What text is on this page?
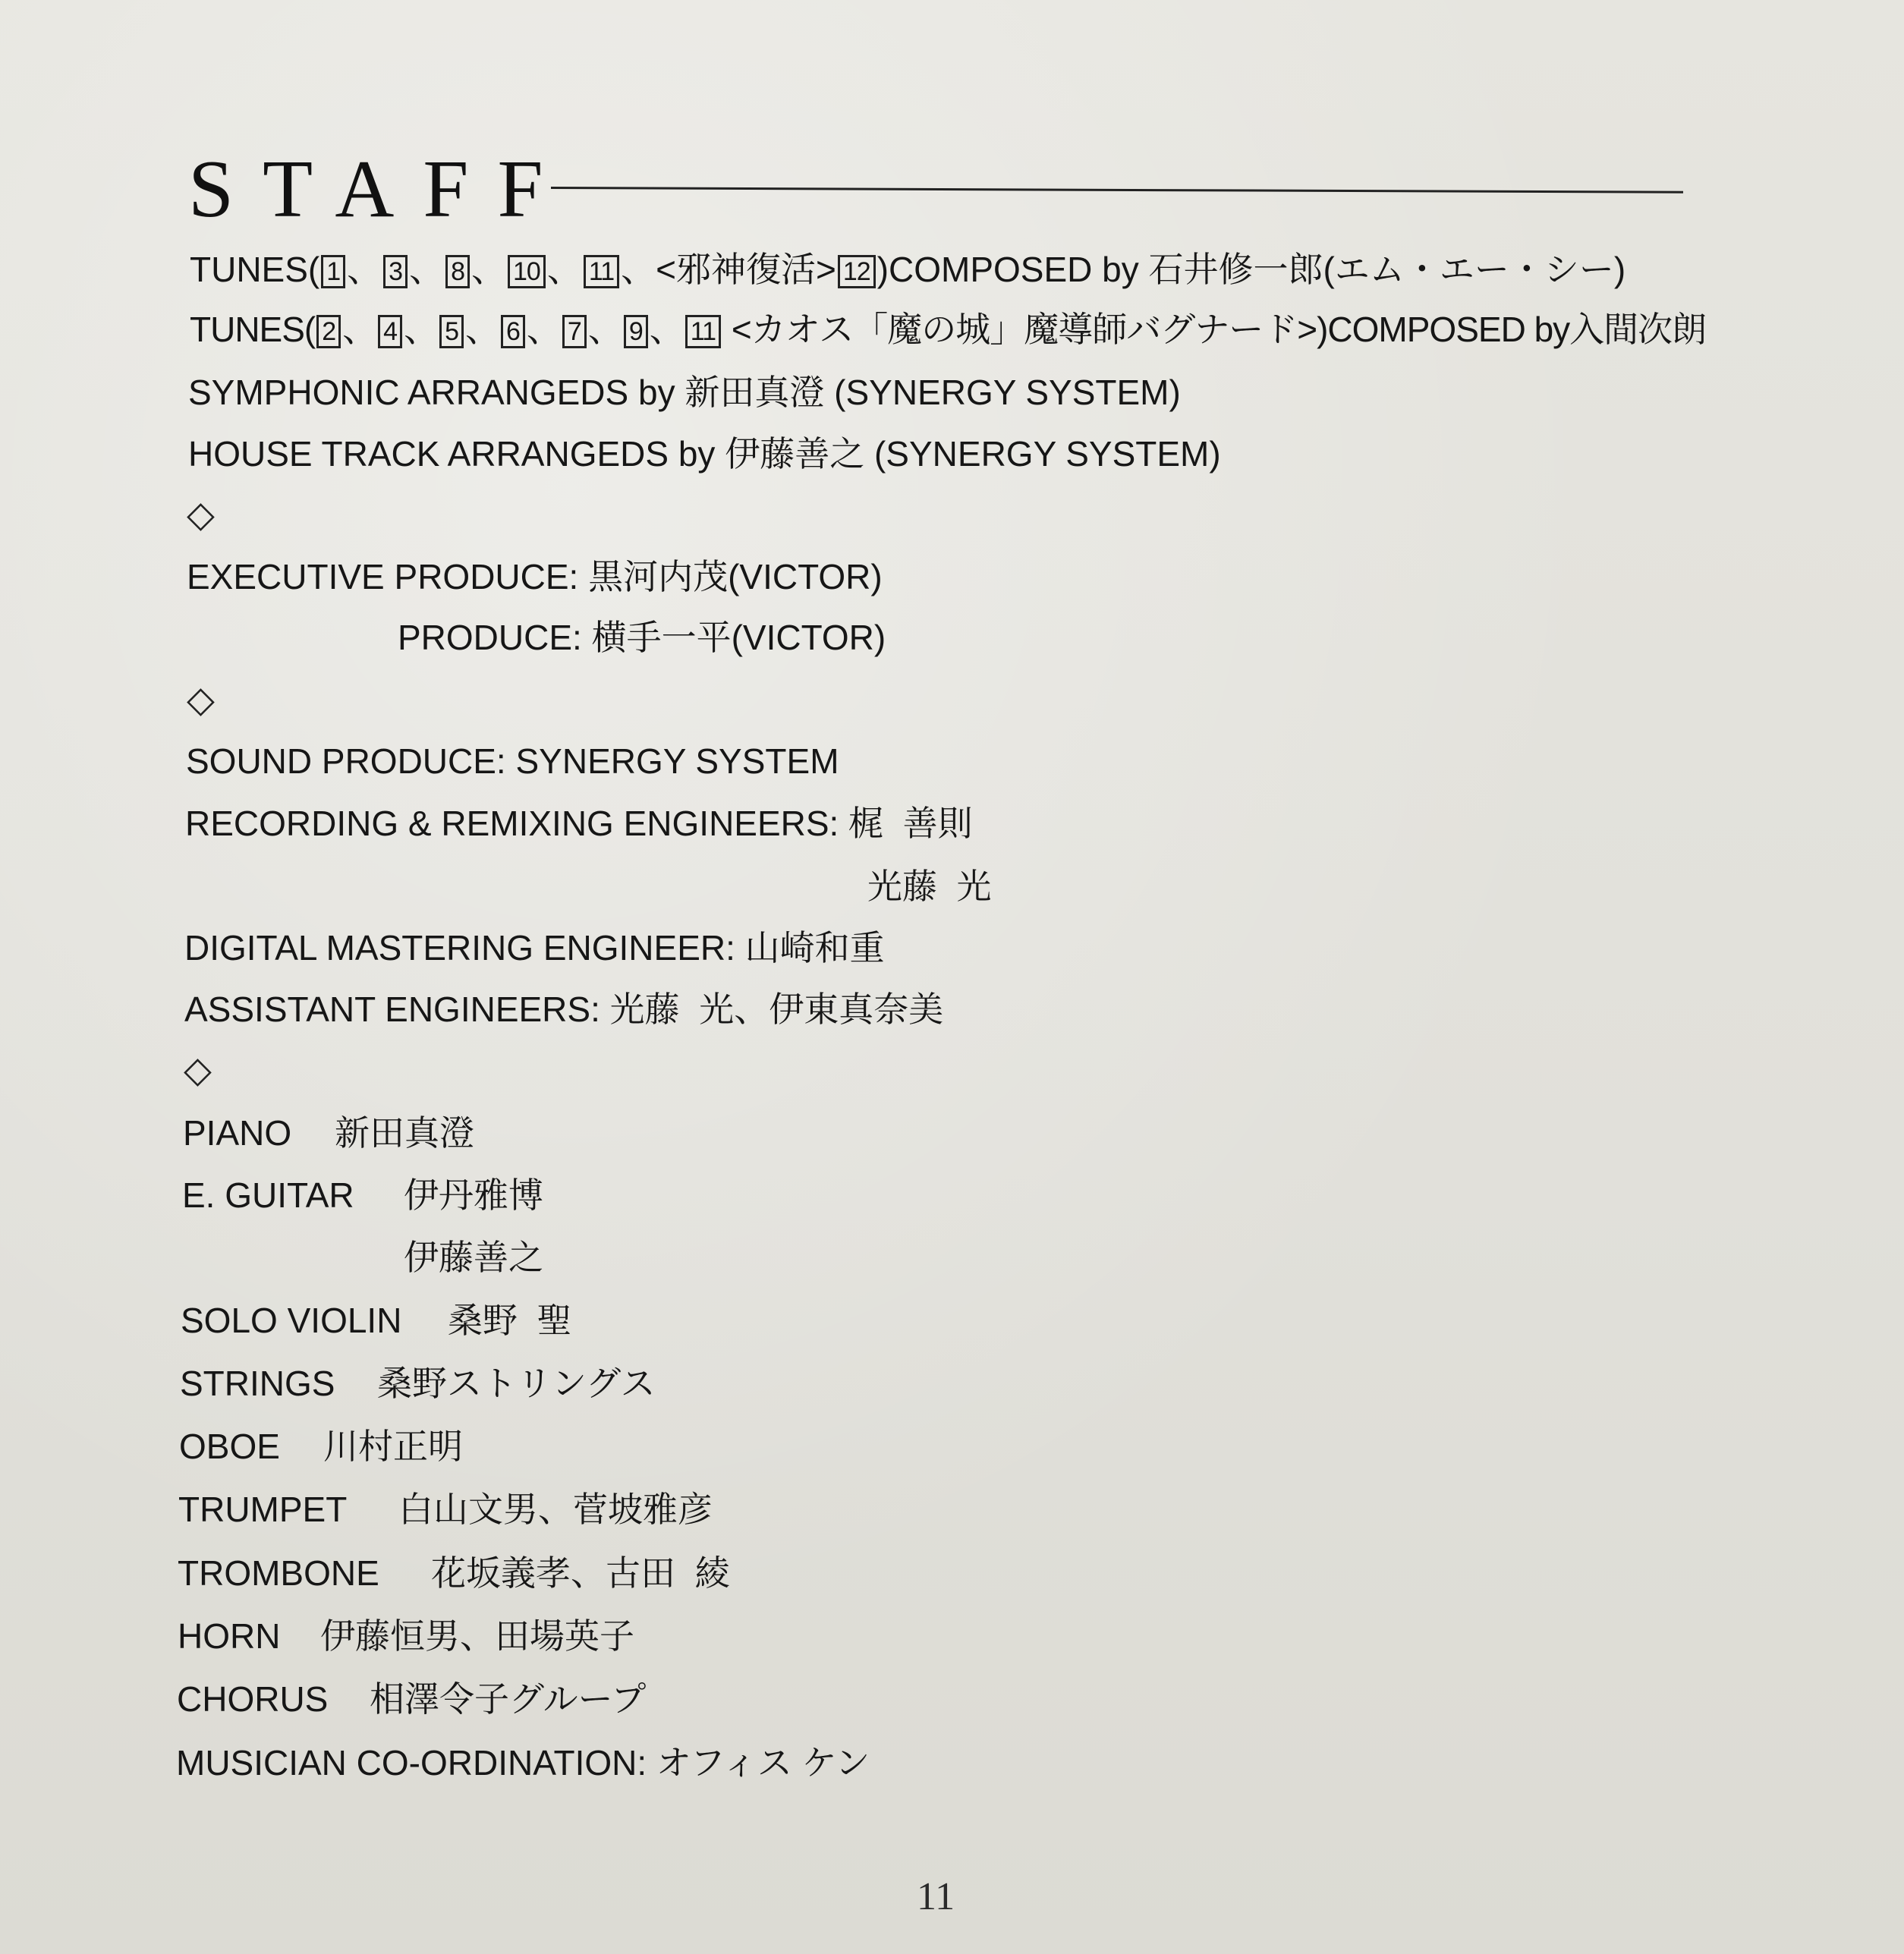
STAFF
TUNES( 1 、 3 、 8 、 10 、 11 、<邪神復活> 12 )COMPOSED by 石井修一郎(エム・エー・シー)
TUNES( 2 、 4 、 5 、 6 、 7 、 9 、 11 <カオス「魔の城」魔導師バグナード>)COMPOSED by入間次朗
SYMPHONIC ARRANGEDS by 新田真澄 (SYNERGY SYSTEM)
HOUSE TRACK ARRANGEDS by 伊藤善之 (SYNERGY SYSTEM)
◇
EXECUTIVE PRODUCE: 黒河内茂(VICTOR)
PRODUCE: 横手一平(VICTOR)
◇
SOUND PRODUCE: SYNERGY SYSTEM
RECORDING & REMIXING ENGINEERS: 梶  善則
光藤  光
DIGITAL MASTERING ENGINEER: 山崎和重
ASSISTANT ENGINEERS: 光藤  光、伊東真奈美
◇
PIANO 新田真澄
E. GUITAR 伊丹雅博
伊藤善之
SOLO VIOLIN 桑野  聖
STRINGS 桑野ストリングス
OBOE 川村正明
TRUMPET 白山文男、菅坡雅彦
TROMBONE 花坂義孝、古田  綾
HORN 伊藤恒男、田場英子
CHORUS 相澤令子グループ
MUSICIAN CO-ORDINATION: オフィス ケン
11
